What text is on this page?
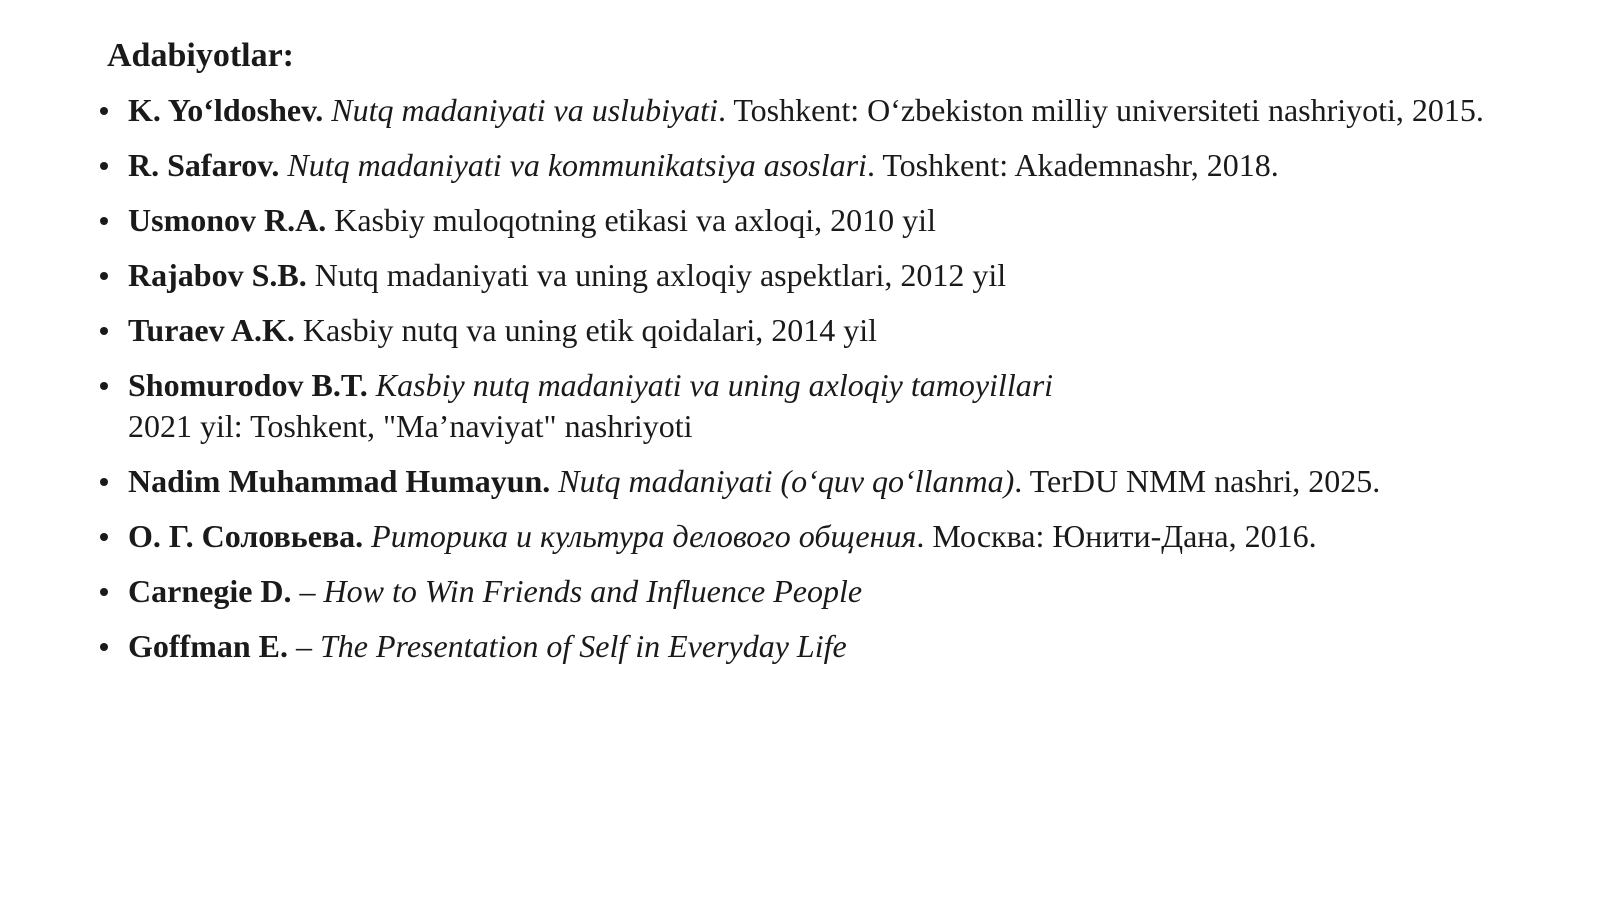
Adabiyotlar:
K. Yo‘ldoshev. Nutq madaniyati va uslubiyati. Toshkent: O‘zbekiston milliy universiteti nashriyoti, 2015.
R. Safarov. Nutq madaniyati va kommunikatsiya asoslari. Toshkent: Akademnashr, 2018.
Usmonov R.A. Kasbiy muloqotning etikasi va axloqi, 2010 yil
Rajabov S.B. Nutq madaniyati va uning axloqiy aspektlari, 2012 yil
Turaev A.K. Kasbiy nutq va uning etik qoidalari, 2014 yil
Shomurodov B.T. Kasbiy nutq madaniyati va uning axloqiy tamoyillari
2021 yil: Toshkent, "Ma’naviyat" nashriyoti
Nadim Muhammad Humayun. Nutq madaniyati (o‘quv qo‘llanma). TerDU NMM nashri, 2025.
О. Г. Соловьева. Риторика и культура делового общения. Москва: Юнити-Дана, 2016.
Carnegie D. – How to Win Friends and Influence People
Goffman E. – The Presentation of Self in Everyday Life
